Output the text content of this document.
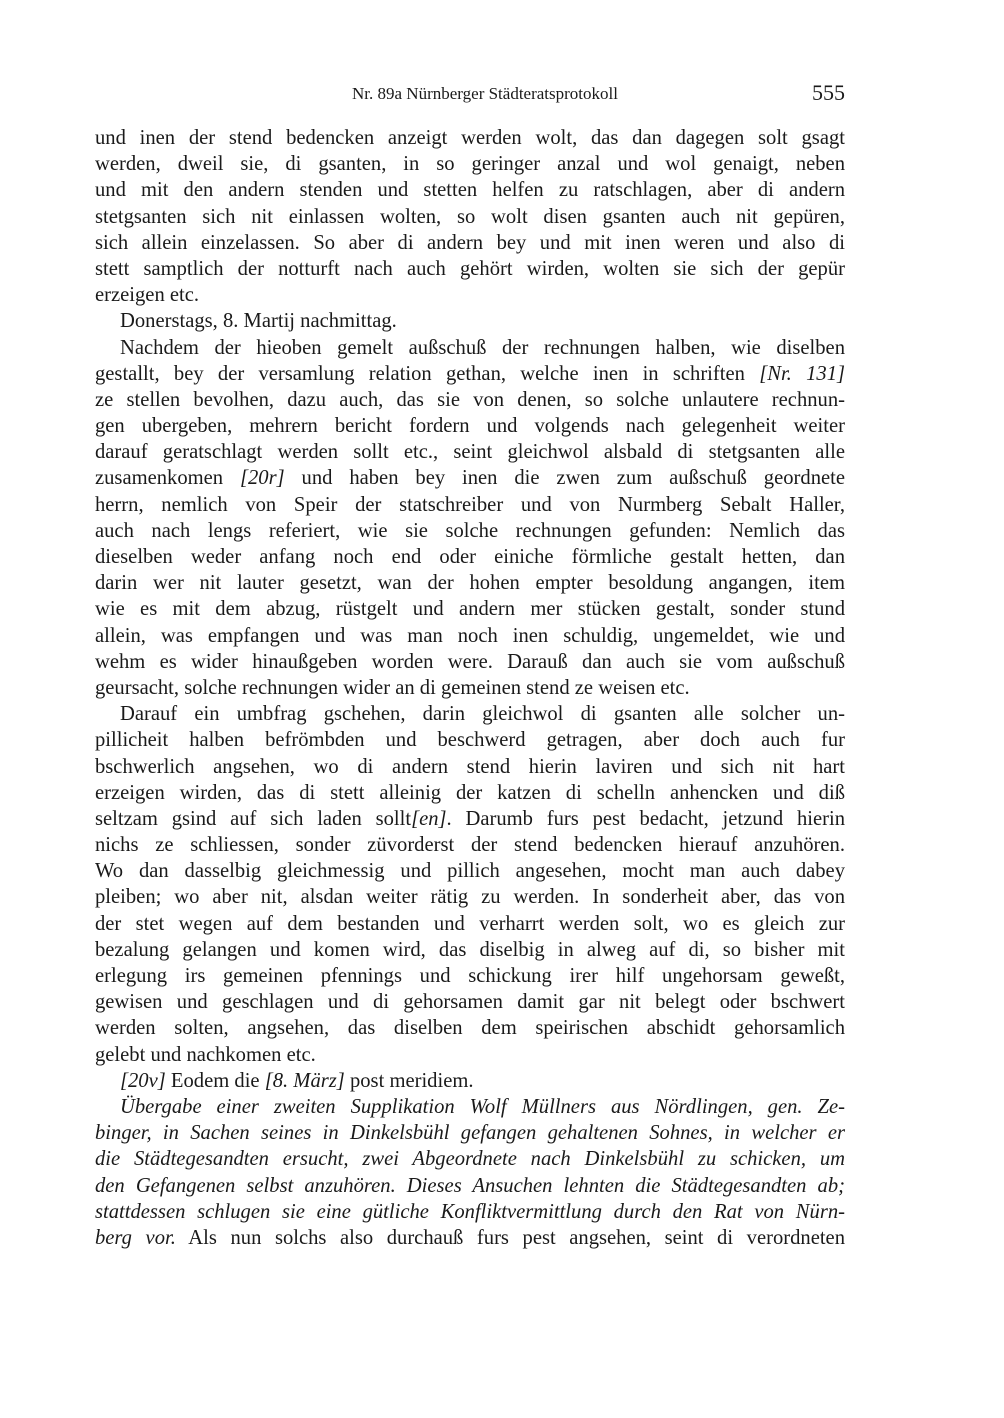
Nr. 89a Nürnberger Städteratsprotokoll	555
und inen der stend bedencken anzeigt werden wolt, das dan dagegen solt gsagt
werden, dweil sie, di gsanten, in so geringer anzal und wol genaigt, neben
und mit den andern stenden und stetten helfen zu ratschlagen, aber di andern
stetgsanten sich nit einlassen wolten, so wolt disen gsanten auch nit gepüren,
sich allein einzelassen. So aber di andern bey und mit inen weren und also di
stett samptlich der notturft nach auch gehört wirden, wolten sie sich der gepür
erzeigen etc.
Donerstags, 8. Martij nachmittag.
Nachdem der hieoben gemelt außschuß der rechnungen halben, wie diselben
gestallt, bey der versamlung relation gethan, welche inen in schriften [Nr. 131]
ze stellen bevolhen, dazu auch, das sie von denen, so solche unlautere rechnun-
gen ubergeben, mehrern bericht fordern und volgends nach gelegenheit weiter
darauf geratschlagt werden sollt etc., seint gleichwol alsbald di stetgsanten alle
zusamenkomen [20r] und haben bey inen die zwen zum außschuß geordnete
herrn, nemlich von Speir der statschreiber und von Nurmberg Sebalt Haller,
auch nach lengs referiert, wie sie solche rechnungen gefunden: Nemlich das
dieselben weder anfang noch end oder einiche förmliche gestalt hetten, dan
darin wer nit lauter gesetzt, wan der hohen empter besoldung angangen, item
wie es mit dem abzug, rüstgelt und andern mer stücken gestalt, sonder stund
allein, was empfangen und was man noch inen schuldig, ungemeldet, wie und
wehm es wider hinaußgeben worden were. Darauß dan auch sie vom außschuß
geursacht, solche rechnungen wider an di gemeinen stend ze weisen etc.
Darauf ein umbfrag gschehen, darin gleichwol di gsanten alle solcher un-
pillicheit halben befrömbden und beschwerd getragen, aber doch auch fur
bschwerlich angsehen, wo di andern stend hierin laviren und sich nit hart
erzeigen wirden, das di stett alleinig der katzen di schelln anhencken und diß
seltzam gsind auf sich laden sollt[en]. Darumb furs pest bedacht, jetzund hierin
nichs ze schliessen, sonder züvorderst der stend bedencken hierauf anzuhören.
Wo dan dasselbig gleichmessig und pillich angesehen, mocht man auch dabey
pleiben; wo aber nit, alsdan weiter rätig zu werden. In sonderheit aber, das von
der stet wegen auf dem bestanden und verharrt werden solt, wo es gleich zur
bezalung gelangen und komen wird, das diselbig in alweg auf di, so bisher mit
erlegung irs gemeinen pfennings und schickung irer hilf ungehorsam geweßt,
gewisen und geschlagen und di gehorsamen damit gar nit belegt oder bschwert
werden solten, angsehen, das diselben dem speirischen abschidt gehorsamlich
gelebt und nachkomen etc.
[20v] Eodem die [8. März] post meridiem.
Übergabe einer zweiten Supplikation Wolf Müllners aus Nördlingen, gen. Ze-
binger, in Sachen seines in Dinkelsbühl gefangen gehaltenen Sohnes, in welcher er
die Städtegesandten ersucht, zwei Abgeordnete nach Dinkelsbühl zu schicken, um
den Gefangenen selbst anzuhören. Dieses Ansuchen lehnten die Städtegesandten ab;
stattdessen schlugen sie eine gütliche Konfliktvermittlung durch den Rat von Nürn-
berg vor. Als nun solchs also durchauß furs pest angsehen, seint di verordneten
